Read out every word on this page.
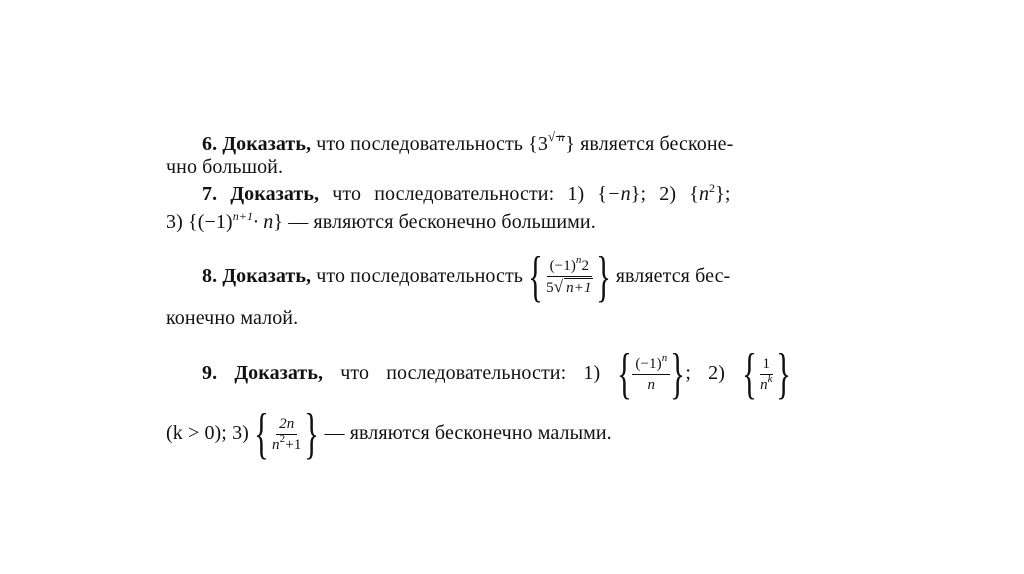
6. Доказать, что последовательность $\{3^{√ n}\}$ является бесконе-
чно большой.
7. Доказать, что последовательности: 1) {−n}; 2) $\{n^2\}$;
3) $\{(-1)^{n+1}\cdot n\}$ — являются бесконечно большими.
8. Доказать, что последовательность { $\frac{(-1)^n2}{5√ n+1}$ } является бес-
конечно малой.
9. Доказать, что последовательности: 1) { $\frac{(-1)^n}{n}$ }; 2) { $\frac{1}{n^k}$ }
(k > 0); 3) { $\frac{2n}{n^2+1}$ } — являются бесконечно малыми.
